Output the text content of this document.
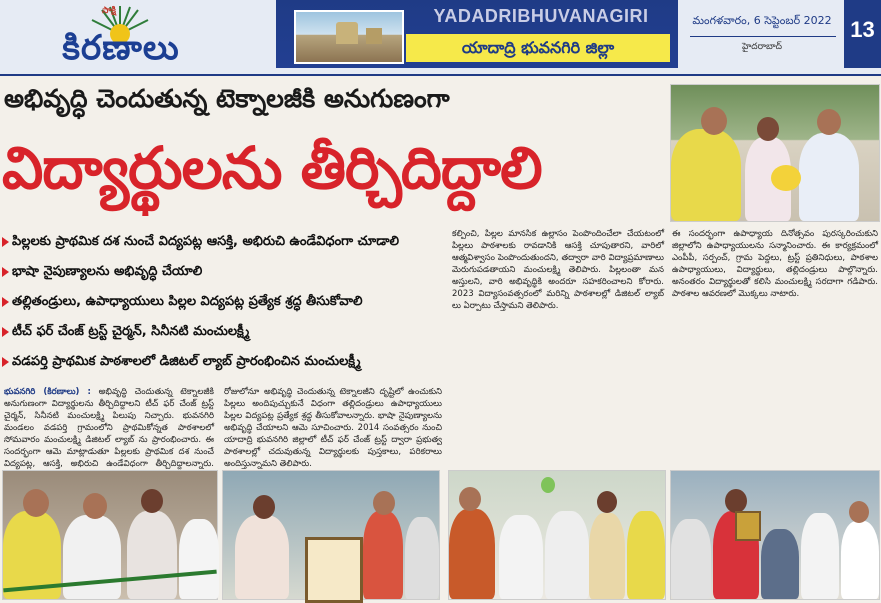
సాక్షి
కిరణాలు
YADADRIBHUVANAGIRI
యాదాద్రి భువనగిరి జిల్లా
మంగళవారం, 6 సెప్టెంబర్ 2022
హైదరాబాద్
13
అభివృద్ధి చెందుతున్న టెక్నాలజీకి అనుగుణంగా
విద్యార్థులను తీర్చిదిద్దాలి
పిల్లలకు ప్రాథమిక దశ నుంచే విద్యపట్ల ఆసక్తి, అభిరుచి ఉండేవిధంగా చూడాలి
భాషా నైపుణ్యాలను అభివృద్ధి చేయాలి
తల్లితండ్రులు, ఉపాధ్యాయులు పిల్లల విద్యపట్ల ప్రత్యేక శ్రద్ధ తీసుకోవాలి
టీచ్ ఫర్ చేంజ్ ట్రస్ట్ చైర్మన్, సినీనటి మంచులక్ష్మీ
వడపర్తి ప్రాథమిక పాఠశాలలో డిజిటల్ ల్యాబ్ ప్రారంభించిన మంచులక్ష్మీ
భువనగిరి (కిరణాలు) : అభివృద్ధి చెందుతున్న టెక్నాలజీకి అనుగుణంగా విద్యార్థులను తీర్చిదిద్దాలని టీచ్ ఫర్ చేంజ్ ట్రస్ట్ చైర్మన్, సినీనటి మంచులక్ష్మి పిలుపు నిచ్చారు. భువనగిరి మండలం వడపర్తి గ్రామంలోని ప్రాథమికోన్నత పాఠశాలలో సోమవారం మంచులక్ష్మి డిజిటల్ ల్యాబ్ ను ప్రారంభించారు. ఈ సందర్భంగా ఆమె మాట్లాడుతూ పిల్లలకు ప్రాథమిక దశ నుంచే విద్యపట్ల, ఆసక్తి, అభిరుచి ఉండేవిధంగా తీర్చిదిద్దాలన్నారు.
రోజులోనూ అభివృద్ధి చెందుతున్న టెక్నాలజీని దృష్టిలో ఉంచుకుని పిల్లలు అందిపుచ్చుకునే విధంగా తల్లిదండ్రులు ఉపాధ్యాయులు పిల్లల విద్యపట్ల ప్రత్యేక శ్రద్ధ తీసుకోవాలన్నారు. భాషా నైపుణ్యాలను అభివృద్ధి చేయాలని ఆమె సూచించారు. 2014 సంవత్సరం నుంచి యాదాద్రి భువనగిరి జిల్లాలో టీచ్ ఫర్ చేంజ్ ట్రస్ట్ ద్వారా ప్రభుత్వ పాఠశాలల్లో చదువుతున్న విద్యార్థులకు పుస్తకాలు, పరికరాలు అందిస్తున్నామని తెలిపారు.
కల్పించి, పిల్లల మానసిక ఉల్లాసం పెంపొందించేలా చేయటంలో పిల్లలు పాఠశాలకు రావడానికి ఆసక్తి చూపుతారని, వారిలో ఆత్మవిశ్వాసం పెంపొందుతుందని, తద్వారా వారి విద్యాప్రమాణాలు మెరుగుపడతాయని మంచులక్ష్మి తెలిపారు. పిల్లలంతా మన అస్తులని, వారి అభివృద్ధికి అందరూ సహకరించాలని కోరారు. 2023 విద్యాసంవత్సరంలో మరిన్ని పాఠశాలల్లో డిజిటల్ ల్యాబ్ లు ఏర్పాటు చేస్తామని తెలిపారు.
ఈ సందర్భంగా ఉపాధ్యాయ దినోత్సవం పురస్కరించుకుని జిల్లాలోని ఉపాధ్యాయులను సన్మానించారు. ఈ కార్యక్రమంలో ఎంపీపీ, సర్పంచ్, గ్రామ పెద్దలు, ట్రస్ట్ ప్రతినిధులు, పాఠశాల ఉపాధ్యాయులు, విద్యార్థులు, తల్లిదండ్రులు పాల్గొన్నారు. అనంతరం విద్యార్థులతో కలిసి మంచులక్ష్మి సరదాగా గడిపారు. పాఠశాల ఆవరణలో మొక్కలు నాటారు.
